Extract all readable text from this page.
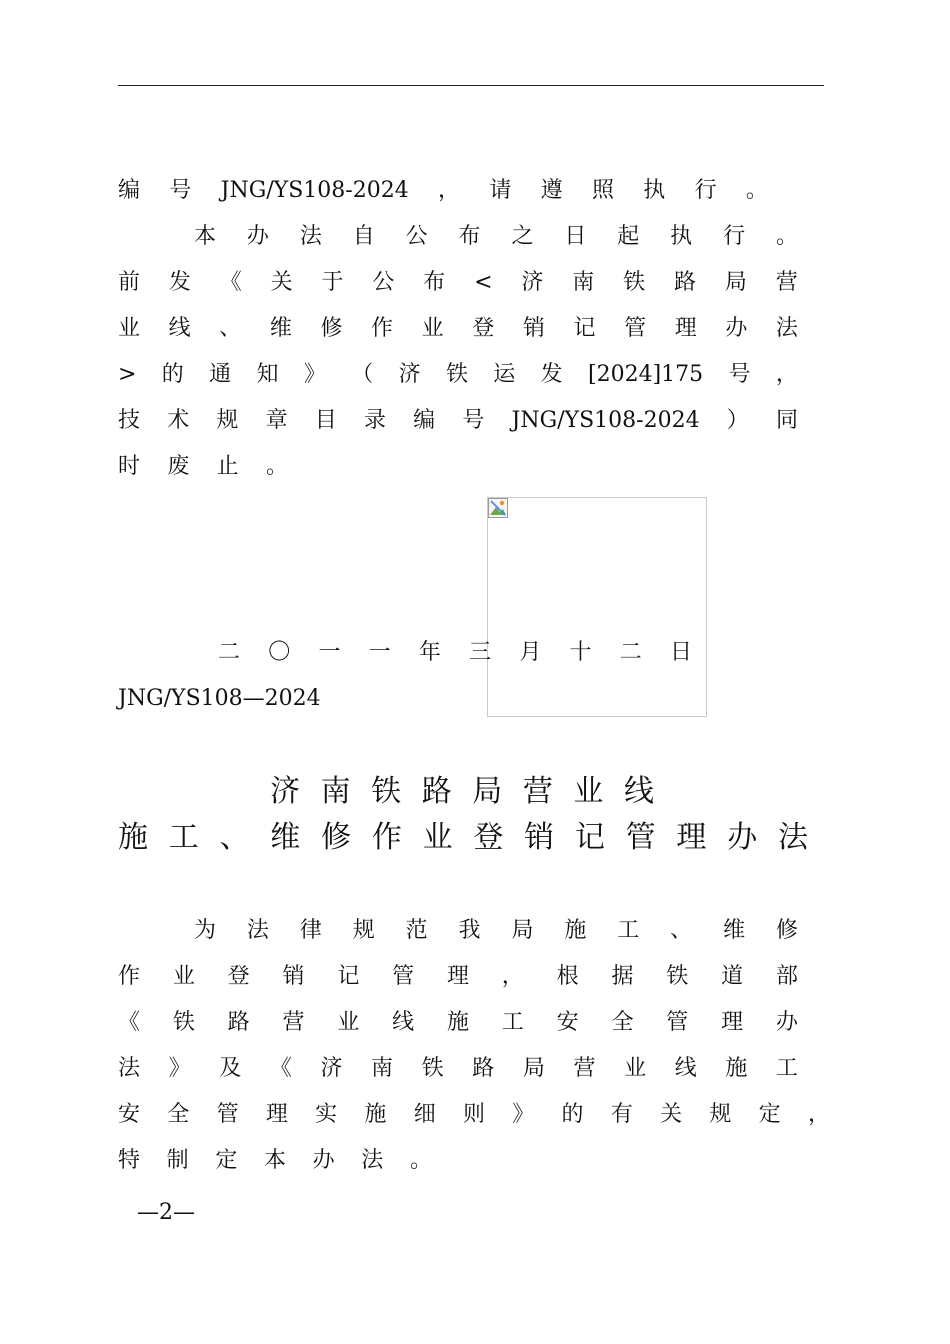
编 号 JNG/YS108-2024 ， 请 遵 照 执 行 。
本 办 法 自 公 布 之 日 起 执 行 。
前 发 《 关 于 公 布 < 济 南 铁 路 局 营
业 线 、 维 修 作 业 登 销 记 管 理 办 法
> 的 通 知 》 （ 济 铁 运 发 [2024]175 号 ，
技 术 规 章 目 录 编 号 JNG/YS108-2024 ） 同
时 废 止 。
二 〇 一 一 年 三 月 十 二 日
JNG/YS108—2024
济 南 铁 路 局 营 业 线
施 工 、 维 修 作 业 登 销 记 管 理 办 法
为 法 律 规 范 我 局 施 工 、 维 修
作 业 登 销 记 管 理 ， 根 据 铁 道 部
《 铁 路 营 业 线 施 工 安 全 管 理 办
法 》 及 《 济 南 铁 路 局 营 业 线 施 工
安 全 管 理 实 施 细 则 》 的 有 关 规 定 ，
特 制 定 本 办 法 。
—2—
